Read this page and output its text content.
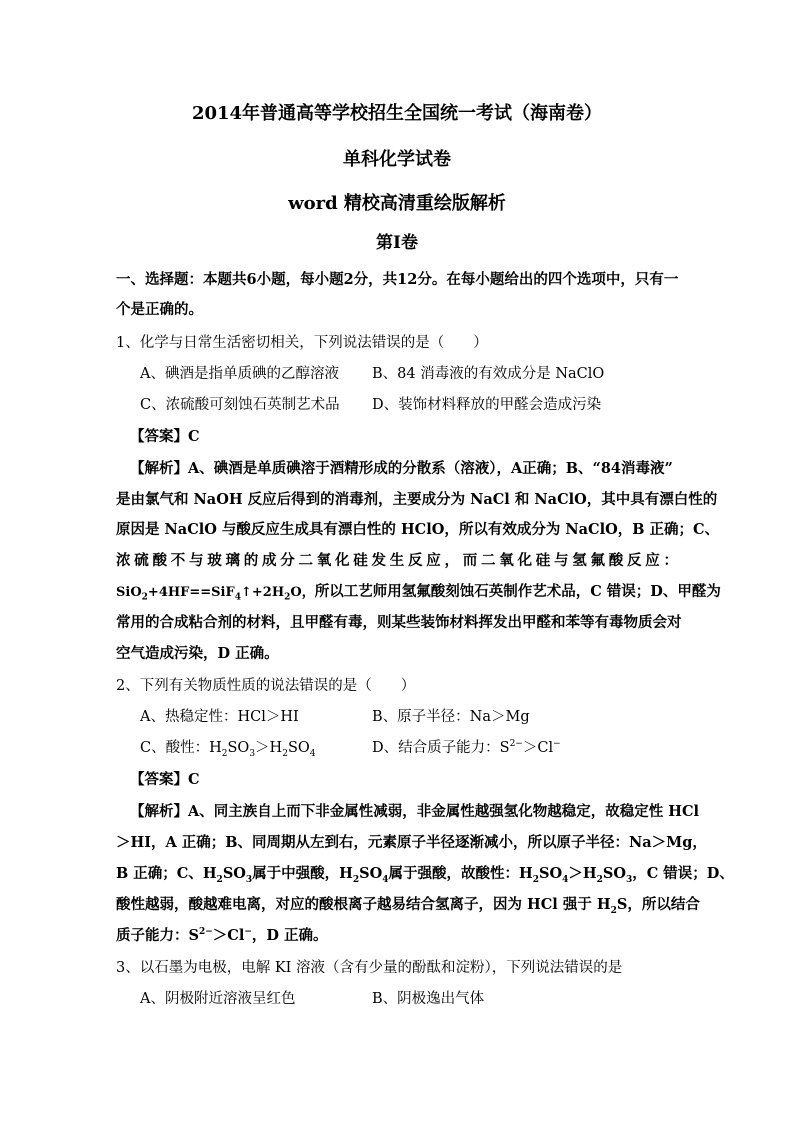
2014年普通高等学校招生全国统一考试（海南卷）
单科化学试卷
word 精校高清重绘版解析
第Ⅰ卷
一、选择题：本题共6小题，每小题2分，共12分。在每小题给出的四个选项中，只有一
个是正确的。
1、化学与日常生活密切相关，下列说法错误的是（　　）
A、碘酒是指单质碘的乙醇溶液 B、84 消毒液的有效成分是 NaClO
C、浓硫酸可刻蚀石英制艺术品 D、装饰材料释放的甲醛会造成污染
【答案】C
【解析】A、碘酒是单质碘溶于酒精形成的分散系（溶液），A正确；B、“84消毒液”
是由氯气和 NaOH 反应后得到的消毒剂，主要成分为 NaCl 和 NaClO，其中具有漂白性的
原因是 NaClO 与酸反应生成具有漂白性的 HClO，所以有效成分为 NaClO，B 正确；C、
浓硫酸不与玻璃的成分二氧化硅发生反应，而二氧化硅与氢氟酸反应：
$SiO_2+4HF==SiF_4↑+2H_2O$，所以工艺师用氢氟酸刻蚀石英制作艺术品，C 错误；D、甲醛为
常用的合成粘合剂的材料，且甲醛有毒，则某些装饰材料挥发出甲醛和苯等有毒物质会对
空气造成污染，D 正确。
2、下列有关物质性质的说法错误的是（　　）
A、热稳定性：HCl＞HI	B、原子半径：Na＞Mg
C、酸性：$H_2SO_3>H_2SO_4$	D、结合质子能力：$S^{2-}>Cl^-$
【答案】C
【解析】A、同主族自上而下非金属性减弱，非金属性越强氢化物越稳定，故稳定性 HCl
＞HI，A 正确；B、同周期从左到右，元素原子半径逐渐减小，所以原子半径：Na＞Mg，
B 正确；C、$H_2SO_3$属于中强酸，$H_2SO_4$属于强酸，故酸性：$H_2SO_4>H_2SO_3$，C 错误；D、
酸性越弱，酸越难电离，对应的酸根离子越易结合氢离子，因为 HCl 强于 $H_2S$，所以结合
质子能力：$S^{2-}>Cl^-$，D 正确。
3、以石墨为电极，电解 KI 溶液（含有少量的酚酞和淀粉），下列说法错误的是
A、阴极附近溶液呈红色	B、阴极逸出气体
